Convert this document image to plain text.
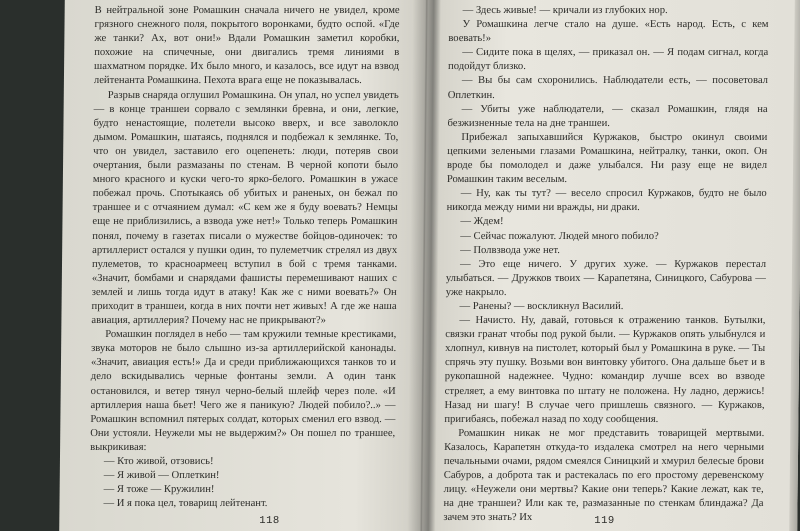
В нейтральной зоне Ромашкин сначала ничего не увидел, кроме грязного снежного поля, покрытого воронками, будто оспой. «Где же танки? Ах, вот они!» Вдали Ромашкин заметил коробки, похожие на спичечные, они двигались тремя линиями в шахматном порядке. Их было много, и казалось, все идут на взвод лейтенанта Ромашкина. Пехота врага еще не показывалась.

Разрыв снаряда оглушил Ромашкина. Он упал, но успел увидеть — в конце траншеи сорвало с землянки бревна, и они, легкие, будто ненастоящие, полетели высоко вверх, и все заволокло дымом. Ромашкин, шатаясь, поднялся и подбежал к землянке. То, что он увидел, заставило его оцепенеть: люди, потеряв свои очертания, были размазаны по стенам. В черной копоти было много красного и куски чего-то ярко-белого. Ромашкин в ужасе побежал прочь. Спотыкаясь об убитых и раненых, он бежал по траншее и с отчаянием думал: «С кем же я буду воевать? Немцы еще не приблизились, а взвода уже нет!» Только теперь Ромашкин понял, почему в газетах писали о мужестве бойцов-одиночек: то артиллерист остался у пушки один, то пулеметчик стрелял из двух пулеметов, то красноармеец вступил в бой с тремя танками. «Значит, бомбами и снарядами фашисты перемешивают наших с землей и лишь тогда идут в атаку! Как же с ними воевать?» Он приходит в траншеи, когда в них почти нет живых! А где же наша авиация, артиллерия? Почему нас не прикрывают?»

Ромашкин поглядел в небо — там кружили темные крестиками, звука моторов не было слышно из-за артиллерийской канонады. «Значит, авиация есть!» Да и среди приближающихся танков то и дело вскидывались черные фонтаны земли. А один танк остановился, и ветер тянул черно-белый шлейф через поле. «И артиллерия наша бьет! Чего же я паникую? Людей побило?..» — Ромашкин вспомнил пятерых солдат, которых сменил его взвод. — Они устояли. Неужели мы не выдержим?» Он пошел по траншее, выкрикивая:

— Кто живой, отзовись!

— Я живой — Оплеткин!

— Я тоже — Кружилин!

— И я пока цел, товарищ лейтенант.

118

— Здесь живые! — кричали из глубоких нор.

У Ромашкина легче стало на душе. «Есть народ. Есть, с кем воевать!»

— Сидите пока в щелях, — приказал он. — Я подам сигнал, когда подойдут близко.

— Вы бы сам схоронились. Наблюдатели есть, — посоветовал Оплеткин.

— Убиты уже наблюдатели, — сказал Ромашкин, глядя на безжизненные тела на дне траншеи.

Прибежал запыхавшийся Куржаков, быстро окинул своими цепкими зелеными глазами Ромашкина, нейтралку, танки, окоп. Он вроде бы помолодел и даже улыбался. Ни разу еще не видел Ромашкин таким веселым.

— Ну, как ты тут? — весело спросил Куржаков, будто не было никогда между ними ни вражды, ни драки.

— Ждем!

— Сейчас пожалуют. Людей много побило?

— Полвзвода уже нет.

— Это еще ничего. У других хуже. — Куржаков перестал улыбаться. — Дружков твоих — Карапетяна, Синицкого, Сабурова — уже накрыло.

— Ранены? — воскликнул Василий.

— Начисто. Ну, давай, готовься к отражению танков. Бутылки, связки гранат чтобы под рукой были. — Куржаков опять улыбнулся и хлопнул, кивнув на пистолет, который был у Ромашкина в руке. — Ты спрячь эту пушку. Возьми вон винтовку убитого. Она дальше бьет и в рукопашной надежнее. Чудно: командир лучше всех во взводе стреляет, а ему винтовка по штату не положена. Ну ладно, держись! Назад ни шагу! В случае чего пришлешь связного. — Куржаков, пригибаясь, побежал назад по ходу сообщения.

Ромашкин никак не мог представить товарищей мертвыми. Казалось, Карапетян откуда-то издалека смотрел на него черными печальными очами, рядом смеялся Синицкий и хмурил белесые брови Сабуров, а доброта так и растекалась по его простому деревенскому лицу. «Неужели они мертвы? Какие они теперь? Какие лежат, как те, на дне траншеи? Или как те, размазанные по стенкам блиндажа? Да зачем это знать? Их	119
